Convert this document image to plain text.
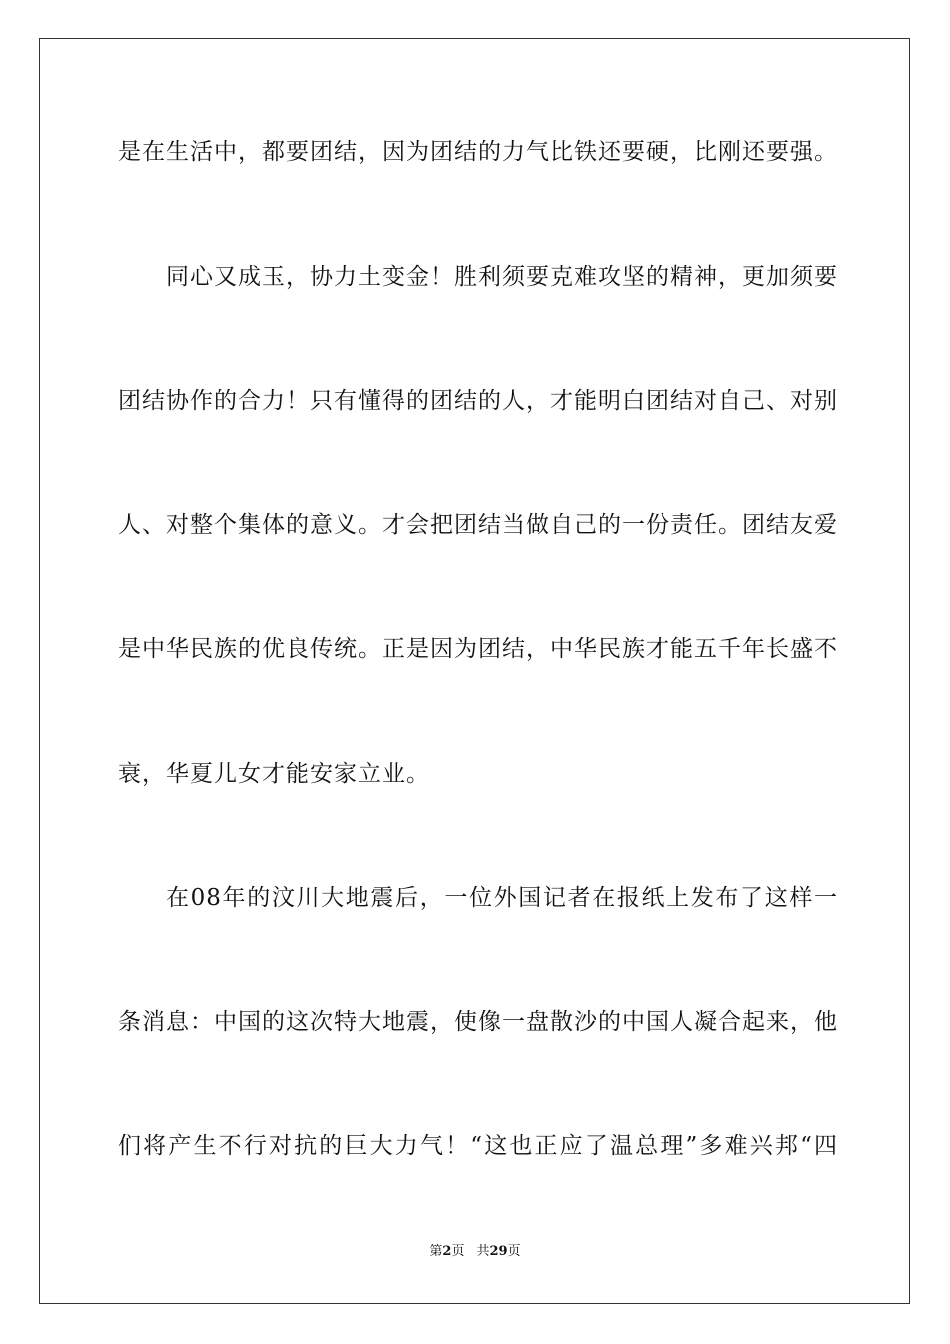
是在生活中，都要团结，因为团结的力气比铁还要硬，比刚还要强。
同心又成玉，协力土变金！胜利须要克难攻坚的精神，更加须要
团结协作的合力！只有懂得的团结的人，才能明白团结对自己、对别
人、对整个集体的意义。才会把团结当做自己的一份责任。团结友爱
是中华民族的优良传统。正是因为团结，中华民族才能五千年长盛不
衰，华夏儿女才能安家立业。
在08年的汶川大地震后，一位外国记者在报纸上发布了这样一
条消息：中国的这次特大地震，使像一盘散沙的中国人凝合起来，他
们将产生不行对抗的巨大力气！“这也正应了温总理”多难兴邦“四
第2页 共29页
